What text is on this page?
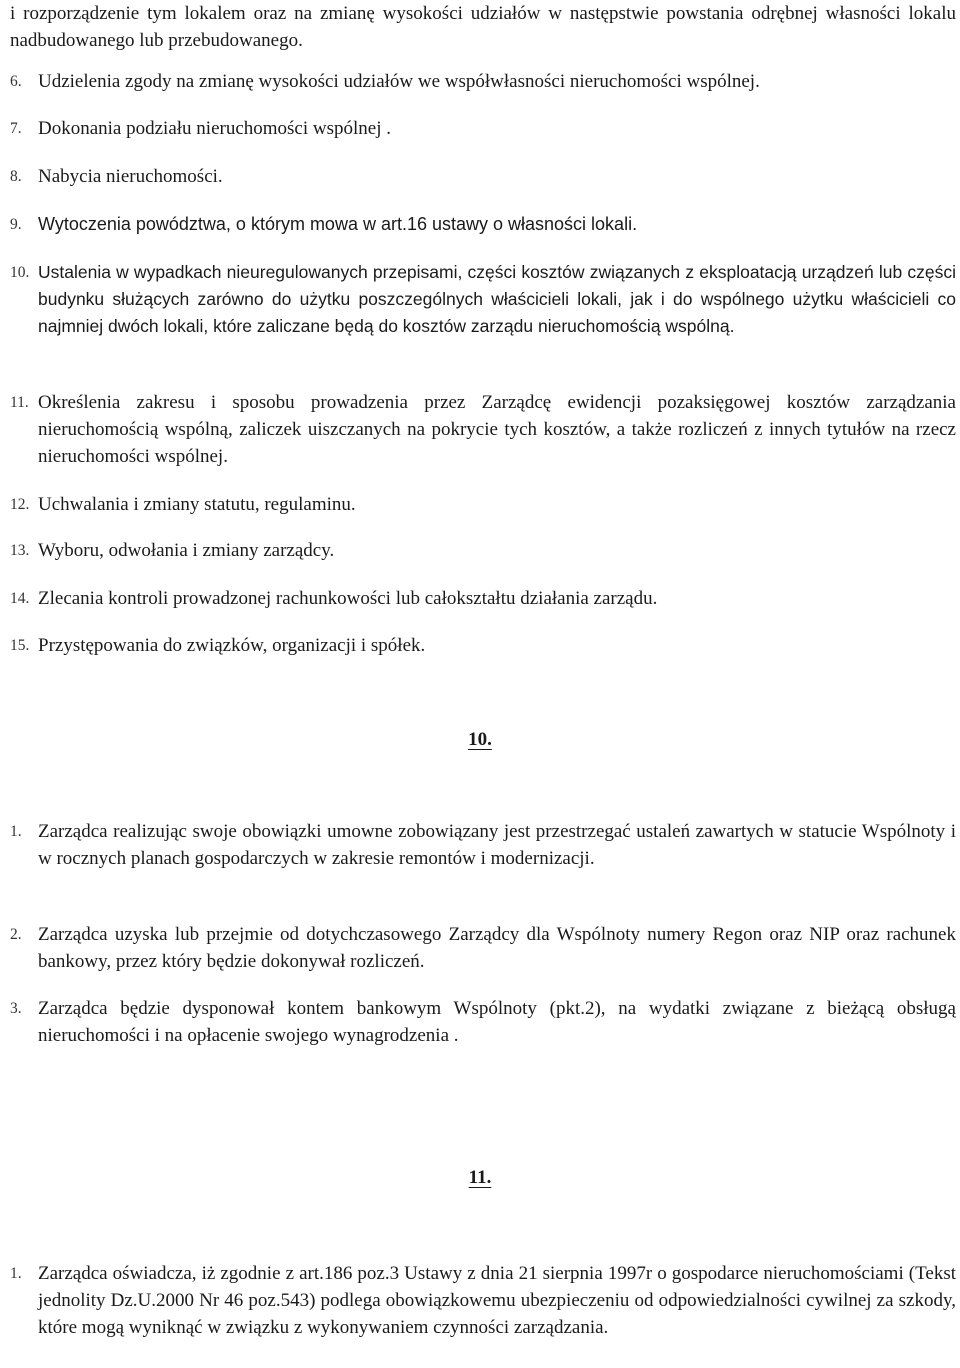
i rozporządzenie tym lokalem oraz na zmianę wysokości udziałów w następstwie powstania odrębnej własności lokalu nadbudowanego lub przebudowanego.
6. Udzielenia zgody na zmianę wysokości udziałów we współwłasności nieruchomości wspólnej.
7. Dokonania podziału nieruchomości wspólnej .
8. Nabycia nieruchomości.
9. Wytoczenia powództwa, o którym mowa w art.16 ustawy o własności lokali.
10. Ustalenia w wypadkach nieuregulowanych przepisami, części kosztów związanych z eksploatacją urządzeń lub części budynku służących zarówno do użytku poszczególnych właścicieli lokali, jak i do wspólnego użytku właścicieli co najmniej dwóch lokali, które zaliczane będą do kosztów zarządu nieruchomością wspólną.
11. Określenia zakresu i sposobu prowadzenia przez Zarządcę ewidencji pozaksięgowej kosztów zarządzania nieruchomością wspólną, zaliczek uiszczanych na pokrycie tych kosztów, a także rozliczeń z innych tytułów na rzecz nieruchomości wspólnej.
12. Uchwalania i zmiany statutu, regulaminu.
13. Wyboru, odwołania i zmiany zarządcy.
14. Zlecania kontroli prowadzonej rachunkowości lub całokształtu działania zarządu.
15. Przystępowania do związków, organizacji i spółek.
10.
1. Zarządca realizując swoje obowiązki umowne zobowiązany jest przestrzegać ustaleń zawartych w statucie Wspólnoty i w rocznych planach gospodarczych w zakresie remontów i modernizacji.
2. Zarządca uzyska lub przejmie od dotychczasowego Zarządcy dla Wspólnoty numery Regon oraz NIP oraz rachunek bankowy, przez który będzie dokonywał rozliczeń.
3. Zarządca będzie dysponował kontem bankowym Wspólnoty (pkt.2), na wydatki związane z bieżącą obsługą nieruchomości i na opłacenie swojego wynagrodzenia .
11.
1. Zarządca oświadcza, iż zgodnie z art.186 poz.3 Ustawy z dnia 21 sierpnia 1997r o gospodarce nieruchomościami (Tekst jednolity Dz.U.2000 Nr 46 poz.543) podlega obowiązkowemu ubezpieczeniu od odpowiedzialności cywilnej za szkody, które mogą wyniknąć w związku z wykonywaniem czynności zarządzania.
